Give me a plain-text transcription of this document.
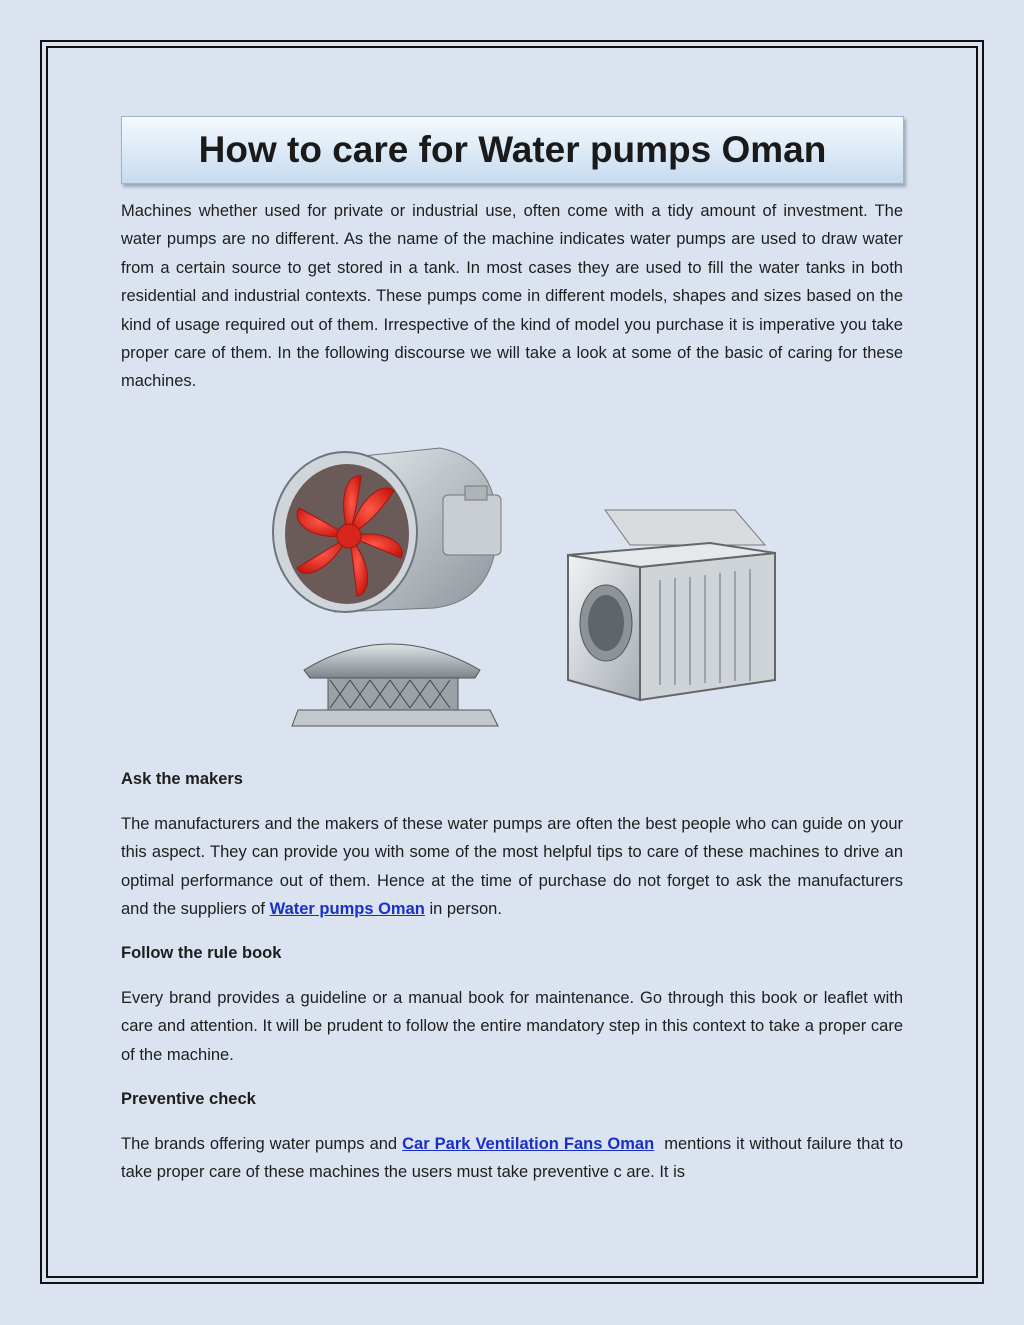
How to care for Water pumps Oman

Machines whether used for private or industrial use, often come with a tidy amount of investment. The water pumps are no different. As the name of the machine indicates water pumps are used to draw water from a certain source to get stored in a tank. In most cases they are used to fill the water tanks in both residential and industrial contexts. These pumps come in different models, shapes and sizes based on the kind of usage required out of them. Irrespective of the kind of model you purchase it is imperative you take proper care of them. In the following discourse we will take a look at some of the basic of caring for these machines.

Ask the makers

The manufacturers and the makers of these water pumps are often the best people who can guide on your this aspect. They can provide you with some of the most helpful tips to care of these machines to drive an optimal performance out of them. Hence at the time of purchase do not forget to ask the manufacturers and the suppliers of Water pumps Oman in person.

Follow the rule book

Every brand provides a guideline or a manual book for maintenance. Go through this book or leaflet with care and attention. It will be prudent to follow the entire mandatory step in this context to take a proper care of the machine.

Preventive check

The brands offering water pumps and Car Park Ventilation Fans Oman  mentions it without failure that to take proper care of these machines the users must take preventive c are. It is
